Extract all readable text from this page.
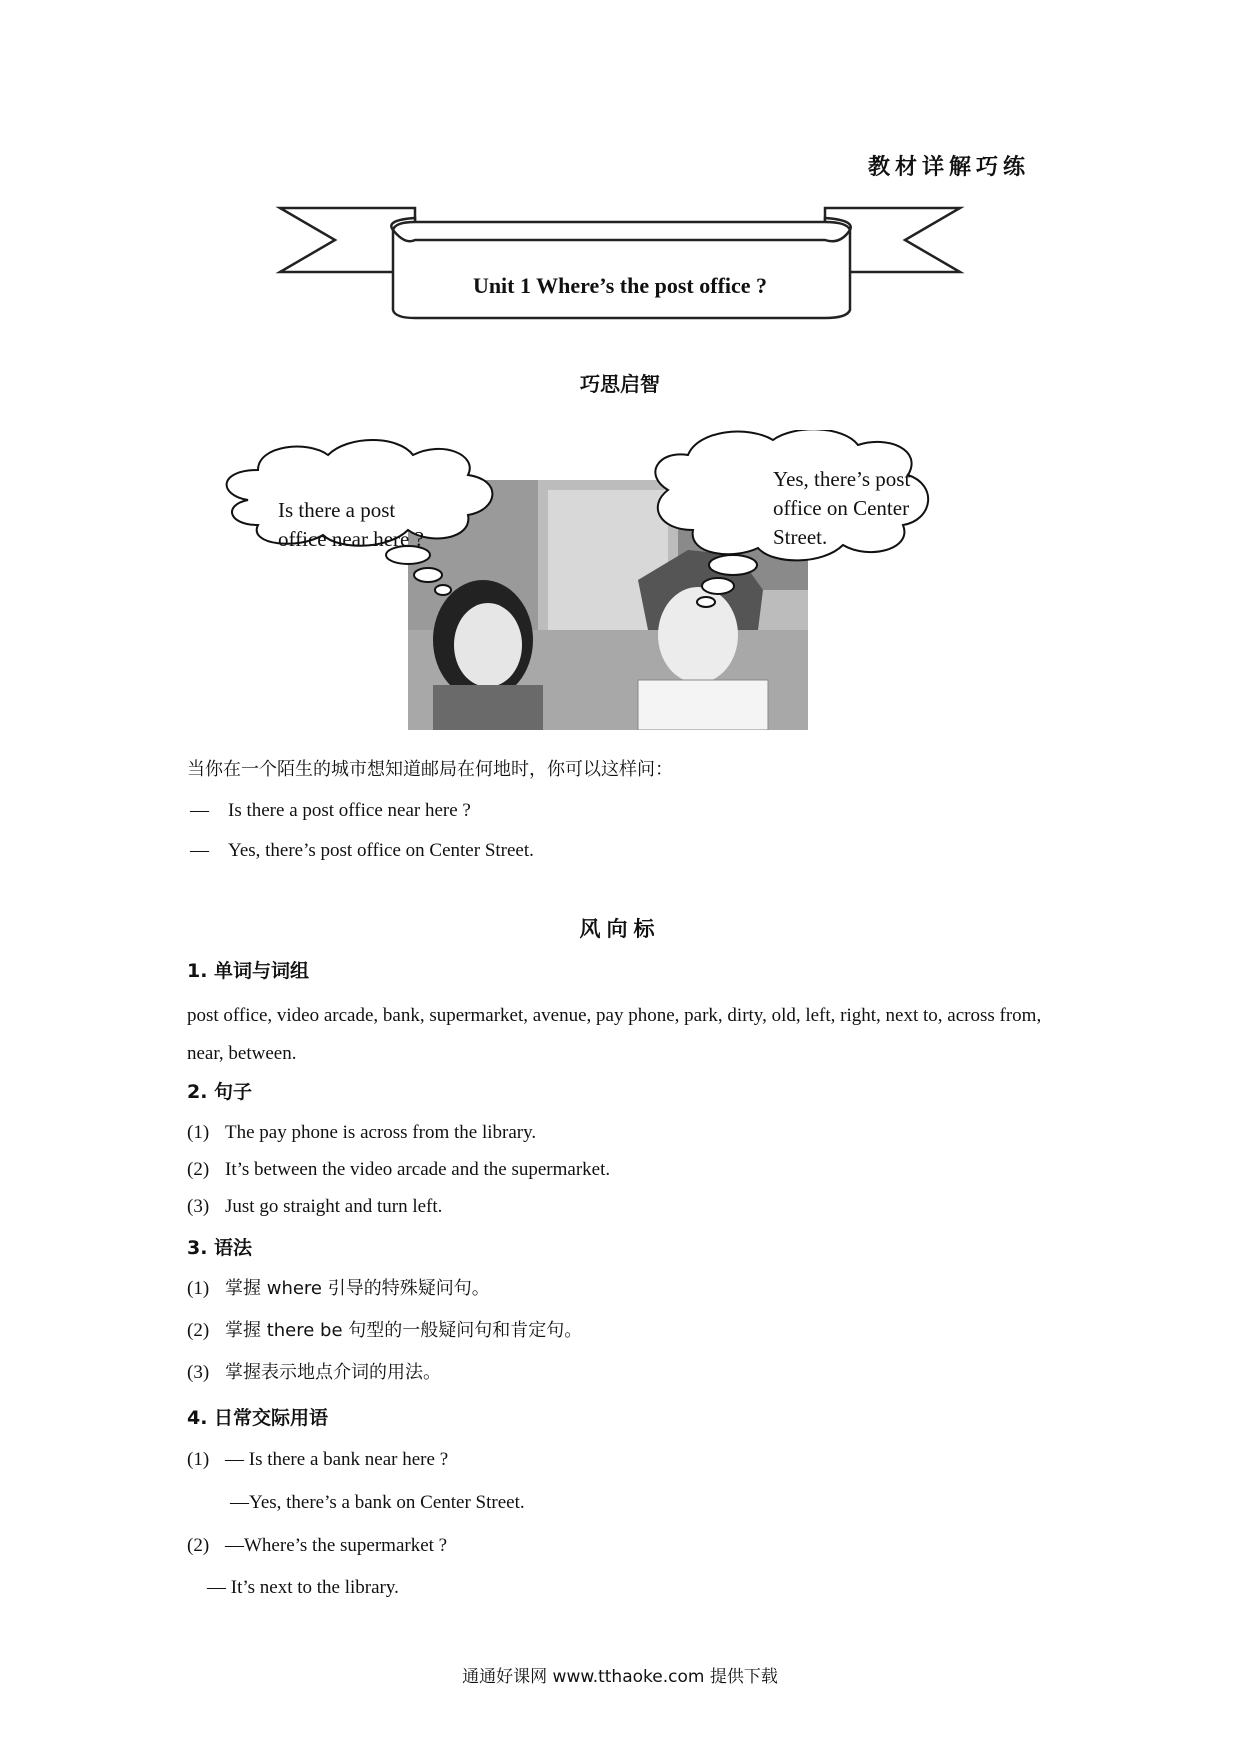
教材详解巧练
Unit 1 Where’s the post office ?
巧思启智
Is there a post
office near here ?
Yes, there’s post
office on Center
Street.
当你在一个陌生的城市想知道邮局在何地时，你可以这样问：
— Is there a post office near here ?
— Yes, there’s post office on Center Street.
风向标
1. 单词与词组
post office, video arcade, bank, supermarket, avenue, pay phone, park, dirty, old, left, right, next to, across from, near, between.
2. 句子
(1) The pay phone is across from the library.
(2) It’s between the video arcade and the supermarket.
(3) Just go straight and turn left.
3. 语法
(1) 掌握 where 引导的特殊疑问句。
(2) 掌握 there be 句型的一般疑问句和肯定句。
(3) 掌握表示地点介词的用法。
4. 日常交际用语
(1) — Is there a bank near here ?
—Yes, there’s a bank on Center Street.
(2) —Where’s the supermarket ?
— It’s next to the library.
通通好课网 www.tthaoke.com 提供下载
